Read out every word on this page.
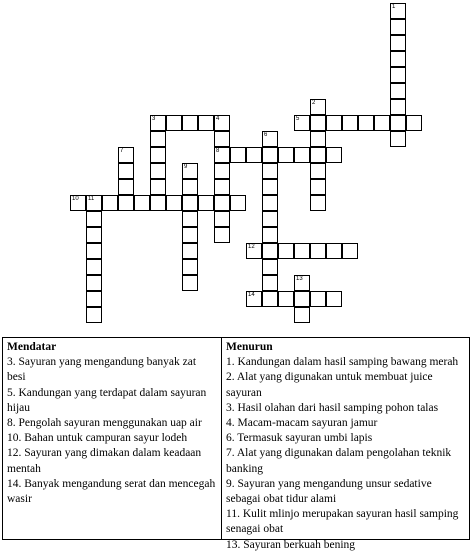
1
2
3	4
8
5
6
7
9
10 11
12
13
14
Mendatar

3. Sayuran yang mengandung banyak zat besi

5. Kandungan yang terdapat dalam sayuran hijau

8. Pengolah sayuran menggunakan uap air

10. Bahan untuk campuran sayur lodeh

12. Sayuran yang dimakan dalam keadaan mentah

14. Banyak mengandung serat dan mencegah wasir

Menurun

1. Kandungan dalam hasil samping bawang merah

2. Alat yang digunakan untuk membuat juice sayuran

3. Hasil olahan dari hasil samping pohon talas

4. Macam-macam sayuran jamur

6. Termasuk sayuran umbi lapis

7. Alat yang digunakan dalam pengolahan teknik banking

9. Sayuran yang mengandung unsur sedative sebagai obat tidur alami

11. Kulit mlinjo merupakan sayuran hasil samping senagai obat

13. Sayuran berkuah bening
